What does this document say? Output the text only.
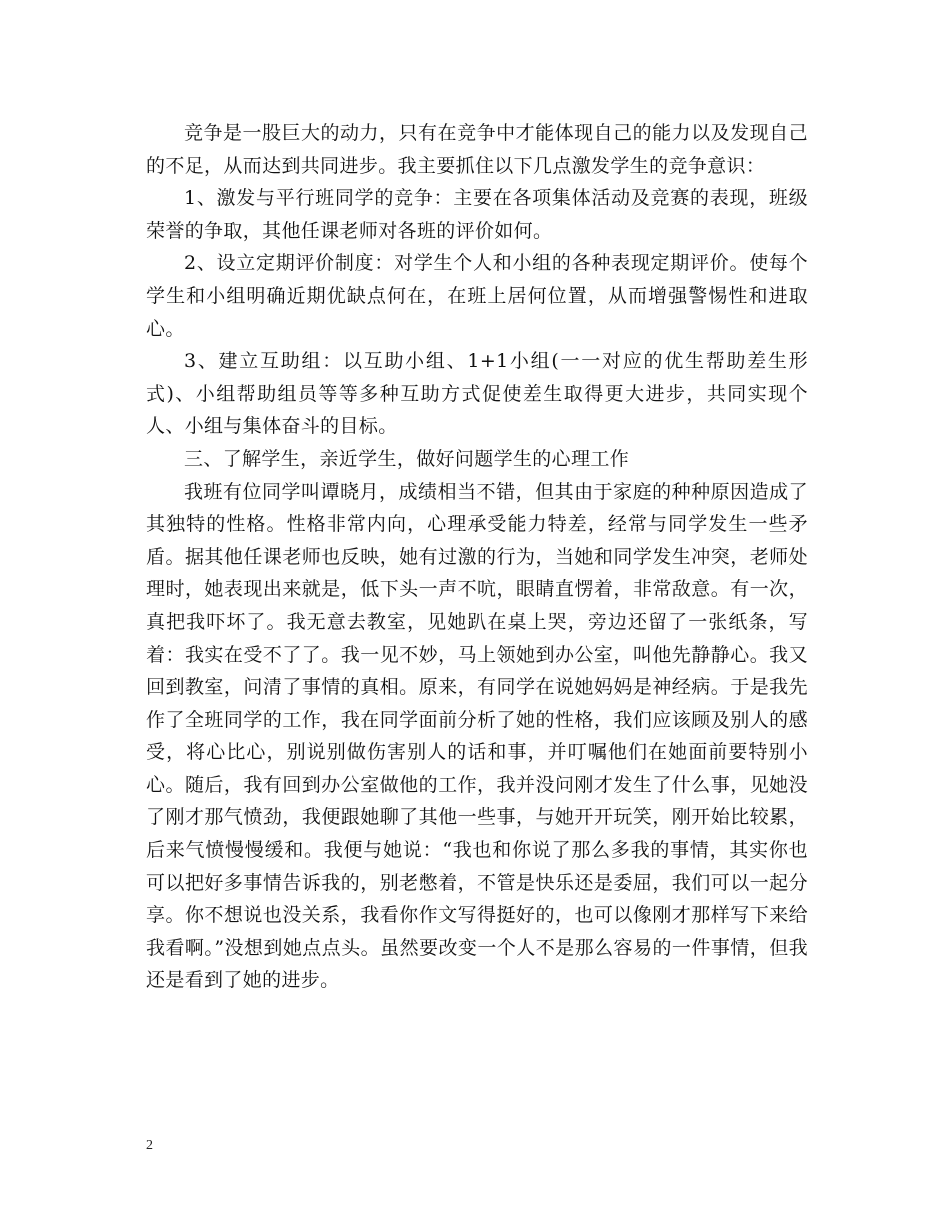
竞争是一股巨大的动力，只有在竞争中才能体现自己的能力以及发现自己的不足，从而达到共同进步。我主要抓住以下几点激发学生的竞争意识：

1、激发与平行班同学的竞争：主要在各项集体活动及竞赛的表现，班级荣誉的争取，其他任课老师对各班的评价如何。

2、设立定期评价制度：对学生个人和小组的各种表现定期评价。使每个学生和小组明确近期优缺点何在，在班上居何位置，从而增强警惕性和进取心。

3、建立互助组：以互助小组、1+1小组(一一对应的优生帮助差生形式)、小组帮助组员等等多种互助方式促使差生取得更大进步，共同实现个人、小组与集体奋斗的目标。

三、了解学生，亲近学生，做好问题学生的心理工作

我班有位同学叫谭晓月，成绩相当不错，但其由于家庭的种种原因造成了其独特的性格。性格非常内向，心理承受能力特差，经常与同学发生一些矛盾。据其他任课老师也反映，她有过激的行为，当她和同学发生冲突，老师处理时，她表现出来就是，低下头一声不吭，眼睛直愣着，非常敌意。有一次，真把我吓坏了。我无意去教室，见她趴在桌上哭，旁边还留了一张纸条，写着：我实在受不了了。我一见不妙，马上领她到办公室，叫他先静静心。我又回到教室，问清了事情的真相。原来，有同学在说她妈妈是神经病。于是我先作了全班同学的工作，我在同学面前分析了她的性格，我们应该顾及别人的感受，将心比心，别说别做伤害别人的话和事，并叮嘱他们在她面前要特别小心。随后，我有回到办公室做他的工作，我并没问刚才发生了什么事，见她没了刚才那气愤劲，我便跟她聊了其他一些事，与她开开玩笑，刚开始比较累，后来气愤慢慢缓和。我便与她说：“我也和你说了那么多我的事情，其实你也可以把好多事情告诉我的，别老憋着，不管是快乐还是委屈，我们可以一起分享。你不想说也没关系，我看你作文写得挺好的，也可以像刚才那样写下来给我看啊。”没想到她点点头。虽然要改变一个人不是那么容易的一件事情，但我还是看到了她的进步。

2
